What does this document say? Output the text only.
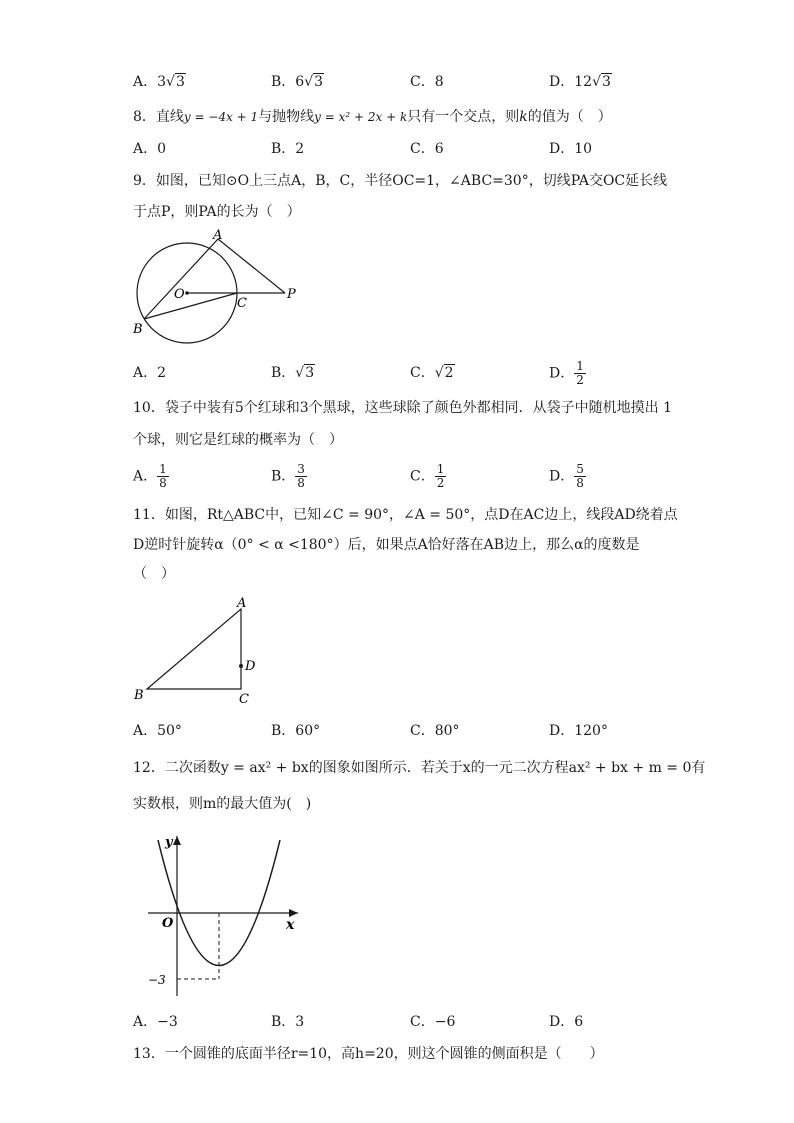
A．3√3	B．6√3	C．8	D．12√3
8．直线y = −4x + 1与抛物线y = x² + 2x + k只有一个交点，则k的值为（　）
A．0	B．2	C．6	D．10
9．如图，已知⊙O上三点A，B，C，半径OC=1，∠ABC=30°，切线PA交OC延长线
于点P，则PA的长为（　）
A
B
C
O	P
A．2	B．√3	C．√2	D． $\frac{1}{2}$
10．袋子中装有5个红球和3个黑球，这些球除了颜色外都相同．从袋子中随机地摸出 1
个球，则它是红球的概率为（　）
A． $\frac{1}{8}$	B． $\frac{3}{8}$	C． $\frac{1}{2}$	D． $\frac{5}{8}$
11．如图，Rt△ABC中，已知∠C = 90°，∠A = 50°，点D在AC边上，线段AD绕着点
D逆时针旋转α（0° < α <180°）后，如果点A恰好落在AB边上，那么α的度数是
（　）
A
B	C
D
A．50°	B．60°	C．80°	D．120°
12．二次函数y = ax² + bx的图象如图所示．若关于x的一元二次方程ax² + bx + m = 0有
实数根，则m的最大值为(　)
y
x
O
−3
A．−3	B．3	C．−6	D．6
13．一个圆锥的底面半径r=10，高h=20，则这个圆锥的侧面积是（　　）
